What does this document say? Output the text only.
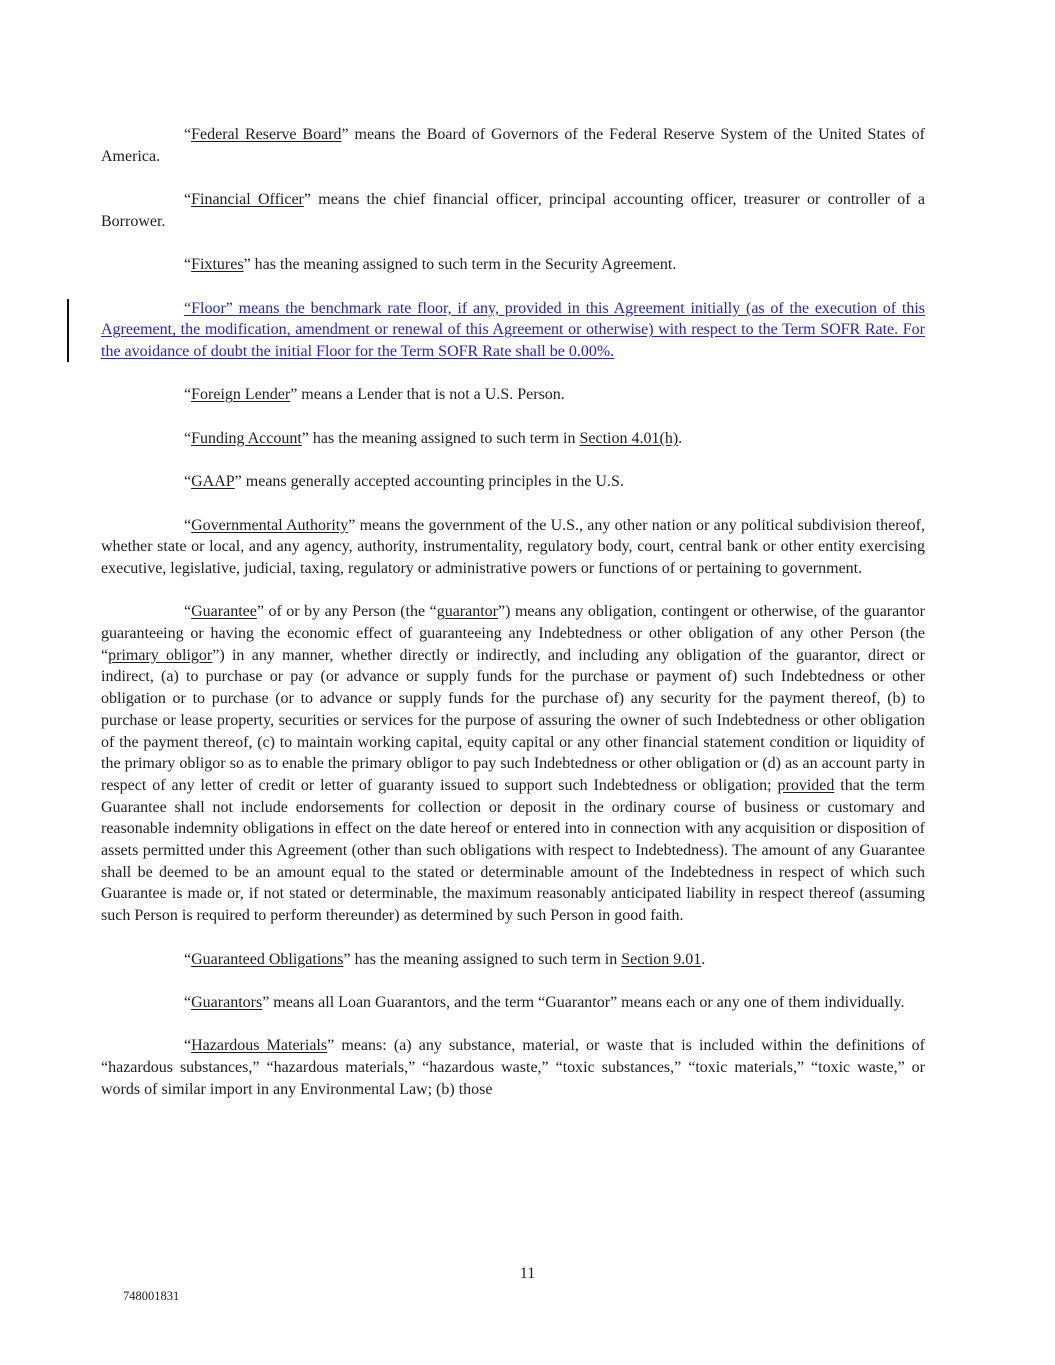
“Federal Reserve Board” means the Board of Governors of the Federal Reserve System of the United States of America.

“Financial Officer” means the chief financial officer, principal accounting officer, treasurer or controller of a Borrower.

“Fixtures” has the meaning assigned to such term in the Security Agreement.

“Floor” means the benchmark rate floor, if any, provided in this Agreement initially (as of the execution of this Agreement, the modification, amendment or renewal of this Agreement or otherwise) with respect to the Term SOFR Rate. For the avoidance of doubt the initial Floor for the Term SOFR Rate shall be 0.00%.

“Foreign Lender” means a Lender that is not a U.S. Person.

“Funding Account” has the meaning assigned to such term in Section 4.01(h).

“GAAP” means generally accepted accounting principles in the U.S.

“Governmental Authority” means the government of the U.S., any other nation or any political subdivision thereof, whether state or local, and any agency, authority, instrumentality, regulatory body, court, central bank or other entity exercising executive, legislative, judicial, taxing, regulatory or administrative powers or functions of or pertaining to government.

“Guarantee” of or by any Person (the “guarantor”) means any obligation, contingent or otherwise, of the guarantor guaranteeing or having the economic effect of guaranteeing any Indebtedness or other obligation of any other Person (the “primary obligor”) in any manner, whether directly or indirectly, and including any obligation of the guarantor, direct or indirect, (a) to purchase or pay (or advance or supply funds for the purchase or payment of) such Indebtedness or other obligation or to purchase (or to advance or supply funds for the purchase of) any security for the payment thereof, (b) to purchase or lease property, securities or services for the purpose of assuring the owner of such Indebtedness or other obligation of the payment thereof, (c) to maintain working capital, equity capital or any other financial statement condition or liquidity of the primary obligor so as to enable the primary obligor to pay such Indebtedness or other obligation or (d) as an account party in respect of any letter of credit or letter of guaranty issued to support such Indebtedness or obligation; provided that the term Guarantee shall not include endorsements for collection or deposit in the ordinary course of business or customary and reasonable indemnity obligations in effect on the date hereof or entered into in connection with any acquisition or disposition of assets permitted under this Agreement (other than such obligations with respect to Indebtedness). The amount of any Guarantee shall be deemed to be an amount equal to the stated or determinable amount of the Indebtedness in respect of which such Guarantee is made or, if not stated or determinable, the maximum reasonably anticipated liability in respect thereof (assuming such Person is required to perform thereunder) as determined by such Person in good faith.

“Guaranteed Obligations” has the meaning assigned to such term in Section 9.01.

“Guarantors” means all Loan Guarantors, and the term “Guarantor” means each or any one of them individually.

“Hazardous Materials” means: (a) any substance, material, or waste that is included within the definitions of “hazardous substances,” “hazardous materials,” “hazardous waste,” “toxic substances,” “toxic materials,” “toxic waste,” or words of similar import in any Environmental Law; (b) those

11
748001831
